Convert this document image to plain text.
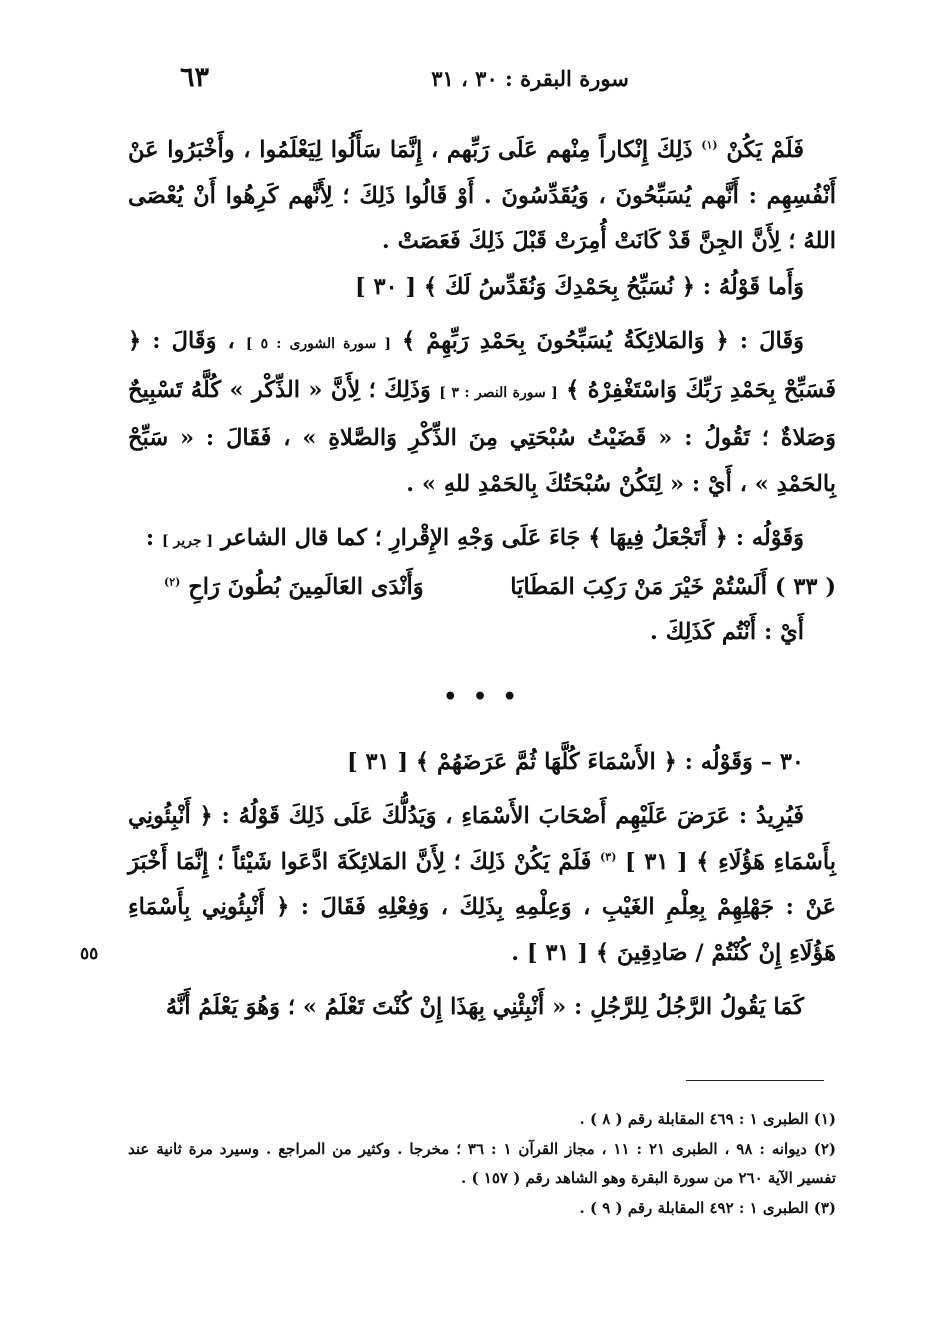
٦٣	سورة البقرة : ٣٠ ، ٣١

فَلَمْ يَكُنْ $^{(١)}$ ذَلِكَ إِنْكاراً مِنْهم عَلَى رَبِّهم ، إِنَّمَا سَأَلُوا لِيَعْلَمُوا ، وأَخْبَرُوا عَنْ أَنْفُسِهِم : أَنَّهم يُسَبِّحُونَ ، وَيُقَدِّسُونَ . أَوْ قَالُوا ذَلِكَ ؛ لِأَنَّهم كَرِهُوا أَنْ يُعْصَى اللهُ ؛ لِأَنَّ الجِنَّ قَدْ كَانَتْ أُمِرَتْ قَبْلَ ذَلِكَ فَعَصَتْ .

وَأَما قَوْلُهُ : ﴿ نُسَبِّحُ بِحَمْدِكَ وَنُقَدِّسُ لَكَ ﴾ [ ٣٠ ]

وَقَالَ : ﴿ وَالمَلائِكَةُ يُسَبِّحُونَ بِحَمْدِ رَبِّهِمْ ﴾ [ سورة الشورى : ٥ ] ، وَقَالَ : ﴿ فَسَبِّحْ بِحَمْدِ رَبِّكَ وَاسْتَغْفِرْهُ ﴾ [ سورة النصر : ٣ ] وَذَلِكَ ؛ لِأَنَّ « الذِّكْر » كُلَّهُ تَسْبِيحٌ وَصَلاةٌ ؛ تَقُولُ : « قَضَيْتُ سُبْحَتِي مِنَ الذِّكْرِ وَالصَّلاةِ » ، فَقَالَ : « سَبِّحْ بِالحَمْدِ » ، أَيْ : « لِتَكُنْ سُبْحَتُكَ بِالحَمْدِ للهِ » .

وَقَوْلُه : ﴿ أَتَجْعَلُ فِيهَا ﴾ جَاءَ عَلَى وَجْهِ الإِقْرارِ ؛ كما قال الشاعر [ جرير ] :

( ٣٣ ) أَلَسْتُمْ خَيْرَ مَنْ رَكِبَ المَطَايَا
وَأَنْدَى العَالَمِينَ بُطُونَ رَاحِ $^{(٢)}$

أَيْ : أَنْتُم كَذَلِكَ .

• • •

٣٠ – وَقَوْلُه : ﴿ الأَسْمَاءَ كُلَّهَا ثُمَّ عَرَضَهُمْ ﴾ [ ٣١ ]

فَيُرِيدُ : عَرَضَ عَلَيْهِم أَصْحَابَ الأَسْمَاءِ ، وَيَدُلُّكَ عَلَى ذَلِكَ قَوْلُهُ : ﴿ أَنْبِئُونِي بِأَسْمَاءِ هَؤُلَاءِ ﴾ [ ٣١ ] $^{(٣)}$ فَلَمْ يَكُنْ ذَلِكَ ؛ لِأَنَّ المَلائِكَةَ ادَّعَوا شَيْئاً ؛ إِنَّمَا أَخْبَرَ عَنْ : جَهْلِهِمْ بِعِلْمِ الغَيْبِ ، وَعِلْمِهِ بِذَلِكَ ، وَفِعْلِهِ فَقَالَ : ﴿ أَنْبِئُونِي بِأَسْمَاءِ هَؤُلَاءِ إِنْ كُنْتُمْ / صَادِقِينَ ﴾ [ ٣١ ] .

كَمَا يَقُولُ الرَّجُلُ لِلرَّجُلِ : « أَنْبِئْنِي بِهَذَا إِنْ كُنْتَ تَعْلَمُ » ؛ وَهُوَ يَعْلَمُ أَنَّهُ

٥٥

(١) الطبرى ١ : ٤٦٩ المقابلة رقم ( ٨ ) .

(٢) ديوانه : ٩٨ ، الطبرى ٢١ : ١١ ، مجاز القرآن ١ : ٣٦ ؛ مخرجا . وكثير من المراجع . وسيرد مرة ثانية عند تفسير الآية ٢٦٠ من سورة البقرة وهو الشاهد رقم ( ١٥٧ ) .

(٣) الطبرى ١ : ٤٩٢ المقابلة رقم ( ٩ ) .
